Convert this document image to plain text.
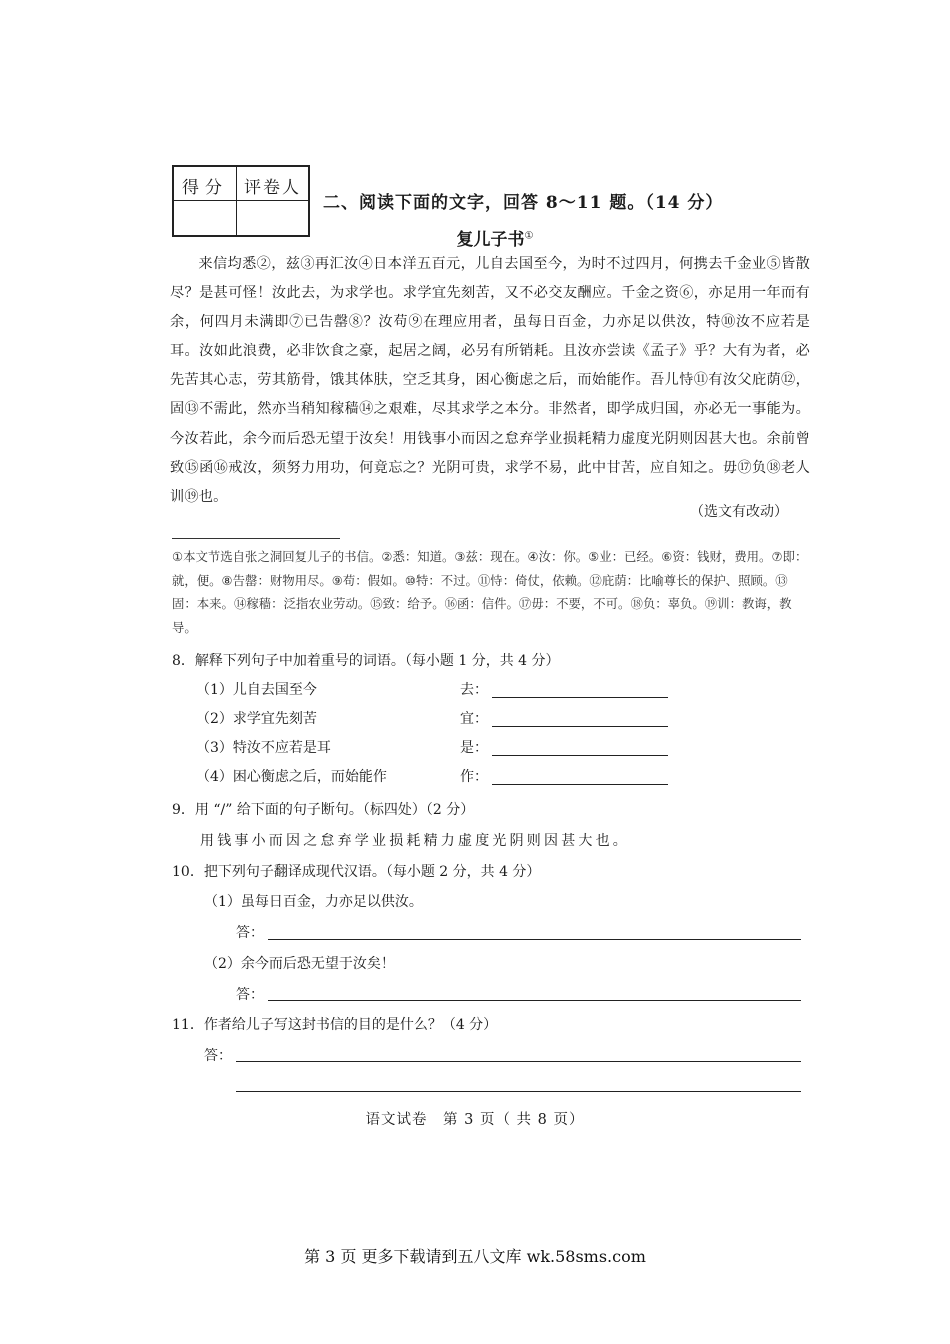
得分 评卷人
二、阅读下面的文字，回答 8～11 题。（14 分）
复儿子书①
来信均悉②，兹③再汇汝④日本洋五百元，儿自去国至今，为时不过四月，何携去千金业⑤皆散尽？是甚可怪！汝此去，为求学也。求学宜先刻苦，又不必交友酬应。千金之资⑥，亦足用一年而有余，何四月未满即⑦已告罄⑧？汝苟⑨在理应用者，虽每日百金，力亦足以供汝，特⑩汝不应若是耳。汝如此浪费，必非饮食之豪，起居之阔，必另有所销耗。且汝亦尝读《孟子》乎？大有为者，必先苦其心志，劳其筋骨，饿其体肤，空乏其身，困心衡虑之后，而始能作。吾儿恃⑪有汝父庇荫⑫，固⑬不需此，然亦当稍知稼穑⑭之艰难，尽其求学之本分。非然者，即学成归国，亦必无一事能为。今汝若此，余今而后恐无望于汝矣！用钱事小而因之怠弃学业损耗精力虚度光阴则因甚大也。余前曾致⑮函⑯戒汝，须努力用功，何竟忘之？光阴可贵，求学不易，此中甘苦，应自知之。毋⑰负⑱老人训⑲也。
（选文有改动）
①本文节选自张之洞回复儿子的书信。②悉：知道。③兹：现在。④汝：你。⑤业：已经。⑥资：钱财，费用。⑦即：就，便。⑧告罄：财物用尽。⑨苟：假如。⑩特：不过。⑪恃：倚仗，依赖。⑫庇荫：比喻尊长的保护、照顾。⑬固：本来。⑭稼穑：泛指农业劳动。⑮致：给予。⑯函：信件。⑰毋：不要，不可。⑱负：辜负。⑲训：教诲，教导。
8．解释下列句子中加着重号的词语。（每小题 1 分，共 4 分）
（1）儿自去国至今	去：
（2）求学宜先刻苦	宜：
（3）特汝不应若是耳	是：
（4）困心衡虑之后，而始能作	作：
9．用 “/” 给下面的句子断句。（标四处）（2 分）
用钱事小而因之怠弃学业损耗精力虚度光阴则因甚大也。
10．把下列句子翻译成现代汉语。（每小题 2 分，共 4 分）
（1）虽每日百金，力亦足以供汝。
答：
（2）余今而后恐无望于汝矣！
答：
11．作者给儿子写这封书信的目的是什么？（4 分）
答：
语文试卷　第 3 页（ 共 8 页）
第 3 页 更多下载请到五八文库 wk.58sms.com
